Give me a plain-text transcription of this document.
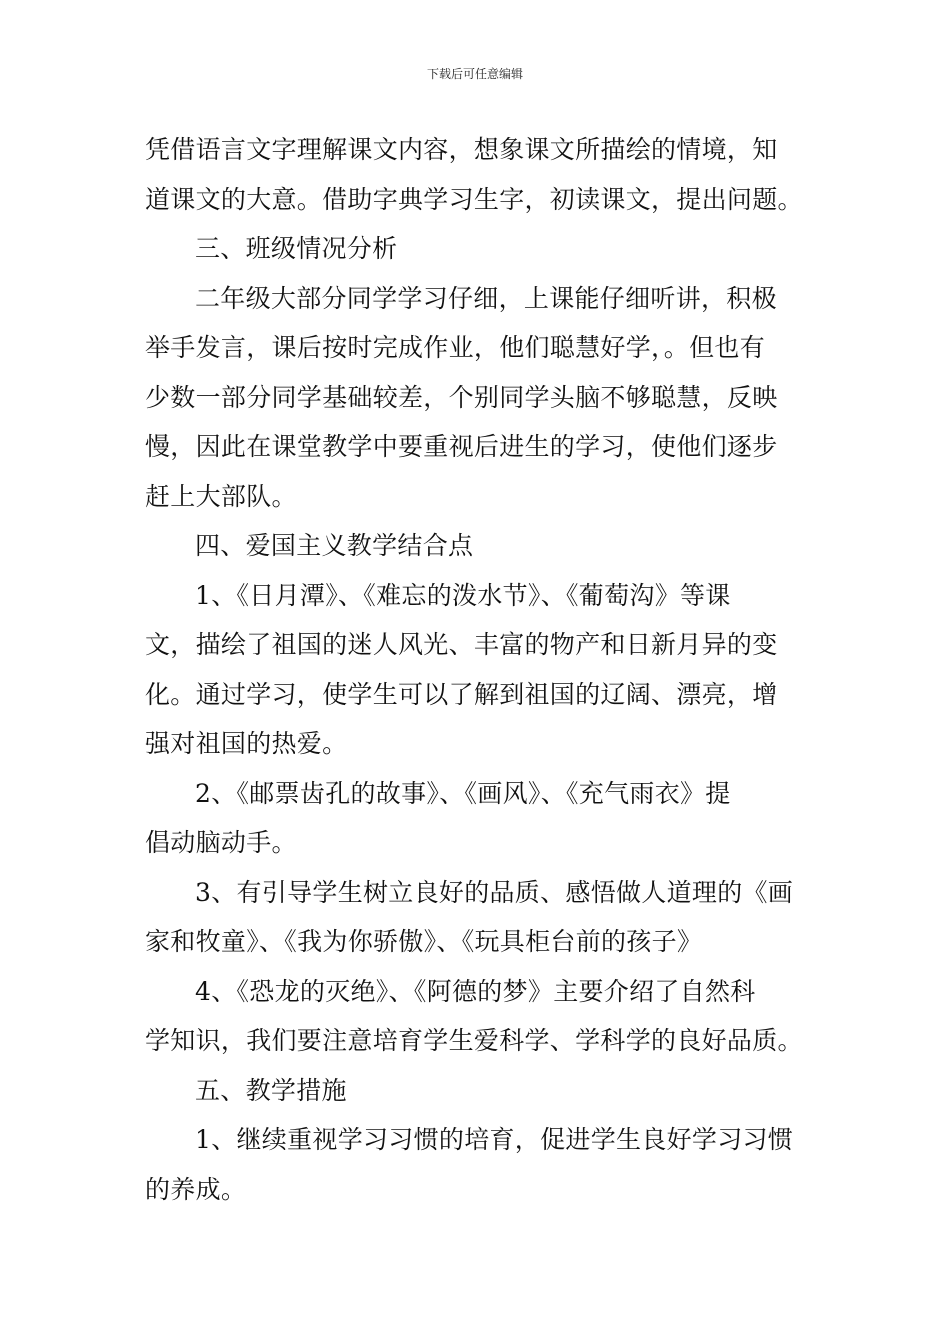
下载后可任意编辑
凭借语言文字理解课文内容，想象课文所描绘的情境，知
道课文的大意。借助字典学习生字，初读课文，提出问题。
三、班级情况分析
二年级大部分同学学习仔细，上课能仔细听讲，积极
举手发言，课后按时完成作业，他们聪慧好学，。但也有
少数一部分同学基础较差，个别同学头脑不够聪慧，反映
慢，因此在课堂教学中要重视后进生的学习，使他们逐步
赶上大部队。
四、爱国主义教学结合点
1、《日月潭》、《难忘的泼水节》、《葡萄沟》等课
文，描绘了祖国的迷人风光、丰富的物产和日新月异的变
化。通过学习，使学生可以了解到祖国的辽阔、漂亮，增
强对祖国的热爱。
2、《邮票齿孔的故事》、《画风》、《充气雨衣》提
倡动脑动手。
3、有引导学生树立良好的品质、感悟做人道理的《画
家和牧童》、《我为你骄傲》、《玩具柜台前的孩子》
4、《恐龙的灭绝》、《阿德的梦》主要介绍了自然科
学知识，我们要注意培育学生爱科学、学科学的良好品质。
五、教学措施
1、继续重视学习习惯的培育，促进学生良好学习习惯
的养成。
